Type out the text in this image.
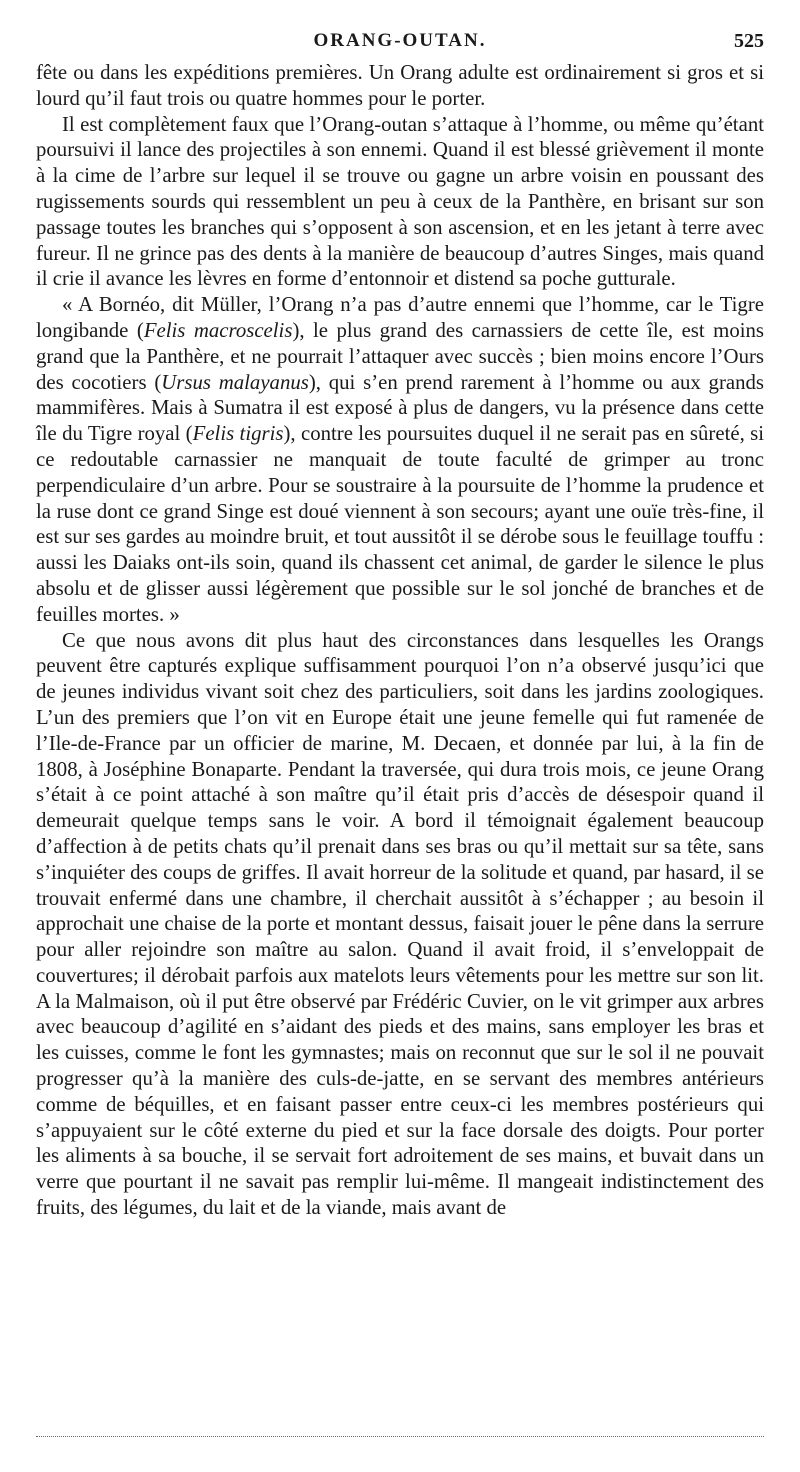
ORANG-OUTAN.	525

fête ou dans les expéditions premières. Un Orang adulte est ordinairement si gros et si lourd qu’il faut trois ou quatre hommes pour le porter.

Il est complètement faux que l’Orang-outan s’attaque à l’homme, ou même qu’étant poursuivi il lance des projectiles à son ennemi. Quand il est blessé grièvement il monte à la cime de l’arbre sur lequel il se trouve ou gagne un arbre voisin en poussant des rugissements sourds qui ressemblent un peu à ceux de la Panthère, en brisant sur son passage toutes les branches qui s’opposent à son ascension, et en les jetant à terre avec fureur. Il ne grince pas des dents à la manière de beaucoup d’autres Singes, mais quand il crie il avance les lèvres en forme d’entonnoir et distend sa poche gutturale.

« A Bornéo, dit Müller, l’Orang n’a pas d’autre ennemi que l’homme, car le Tigre longibande (Felis macroscelis), le plus grand des carnassiers de cette île, est moins grand que la Panthère, et ne pourrait l’attaquer avec succès ; bien moins encore l’Ours des cocotiers (Ursus malayanus), qui s’en prend rarement à l’homme ou aux grands mammifères. Mais à Sumatra il est exposé à plus de dangers, vu la présence dans cette île du Tigre royal (Felis tigris), contre les poursuites duquel il ne serait pas en sûreté, si ce redoutable carnassier ne manquait de toute faculté de grimper au tronc perpendiculaire d’un arbre. Pour se soustraire à la poursuite de l’homme la prudence et la ruse dont ce grand Singe est doué viennent à son secours; ayant une ouïe très-fine, il est sur ses gardes au moindre bruit, et tout aussitôt il se dérobe sous le feuillage touffu : aussi les Daiaks ont-ils soin, quand ils chassent cet animal, de garder le silence le plus absolu et de glisser aussi légèrement que possible sur le sol jonché de branches et de feuilles mortes. »

Ce que nous avons dit plus haut des circonstances dans lesquelles les Orangs peuvent être capturés explique suffisamment pourquoi l’on n’a observé jusqu’ici que de jeunes individus vivant soit chez des particuliers, soit dans les jardins zoologiques. L’un des premiers que l’on vit en Europe était une jeune femelle qui fut ramenée de l’Ile-de-France par un officier de marine, M. Decaen, et donnée par lui, à la fin de 1808, à Joséphine Bonaparte. Pendant la traversée, qui dura trois mois, ce jeune Orang s’était à ce point attaché à son maître qu’il était pris d’accès de désespoir quand il demeurait quelque temps sans le voir. A bord il témoignait également beaucoup d’affection à de petits chats qu’il prenait dans ses bras ou qu’il mettait sur sa tête, sans s’inquiéter des coups de griffes. Il avait horreur de la solitude et quand, par hasard, il se trouvait enfermé dans une chambre, il cherchait aussitôt à s’échapper ; au besoin il approchait une chaise de la porte et montant dessus, faisait jouer le pêne dans la serrure pour aller rejoindre son maître au salon. Quand il avait froid, il s’enveloppait de couvertures; il dérobait parfois aux matelots leurs vêtements pour les mettre sur son lit. A la Malmaison, où il put être observé par Frédéric Cuvier, on le vit grimper aux arbres avec beaucoup d’agilité en s’aidant des pieds et des mains, sans employer les bras et les cuisses, comme le font les gymnastes; mais on reconnut que sur le sol il ne pouvait progresser qu’à la manière des culs-de-jatte, en se servant des membres antérieurs comme de béquilles, et en faisant passer entre ceux-ci les membres postérieurs qui s’appuyaient sur le côté externe du pied et sur la face dorsale des doigts. Pour porter les aliments à sa bouche, il se servait fort adroitement de ses mains, et buvait dans un verre que pourtant il ne savait pas remplir lui-même. Il mangeait indistinctement des fruits, des légumes, du lait et de la viande, mais avant de
